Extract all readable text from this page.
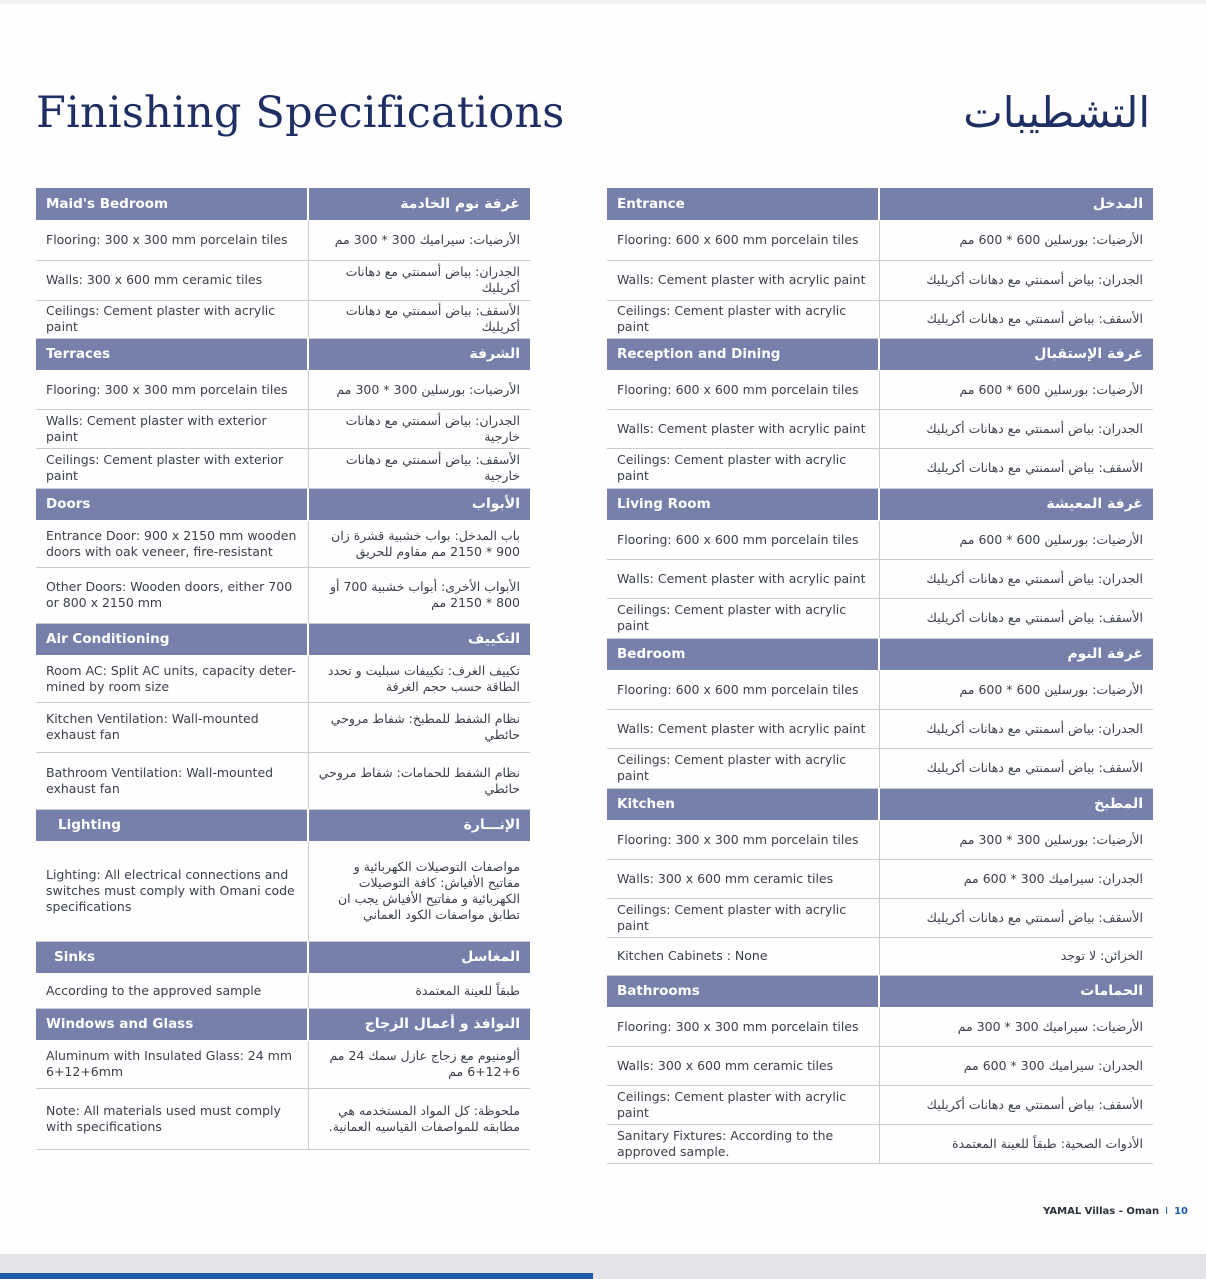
Finishing Specifications	التشطيبات
Maid's Bedroom	غرفة نوم الخادمة
Flooring: 300 x 300 mm porcelain tiles	الأرضيات: سيراميك 300 * 300 مم
Walls: 300 x 600 mm ceramic tiles	الجدران: بياض أسمنتي مع دهانات أكريليك
Ceilings: Cement plaster with acrylic paint	الأسقف: بياض أسمنتي مع دهانات أكريليك
Terraces	الشرفة
Flooring: 300 x 300 mm porcelain tiles	الأرضيات: بورسلين 300 * 300 مم
Walls: Cement plaster with exterior paint	الجدران: بياض أسمنتي مع دهانات خارجية
Ceilings: Cement plaster with exterior paint	الأسقف: بياض أسمنتي مع دهانات خارجية
Doors	الأبواب
Entrance Door: 900 x 2150 mm wooden doors with oak veneer, fire-resistant	باب المدخل: بواب خشبية قشرة زان 900 * 2150 مم مقاوم للحريق
Other Doors: Wooden doors, either 700 or 800 x 2150 mm	الأبواب الأخرى: أبواب خشبية 700 أو 800 * 2150 مم
Air Conditioning	التكييف
Room AC: Split AC units, capacity deter-mined by room size	تكييف الغرف: تكييفات سبليت و تحدد الطاقة حسب حجم الغرفة
Kitchen Ventilation: Wall-mounted exhaust fan	نظام الشفط للمطبخ: شفاط مروحي حائطي
Bathroom Ventilation: Wall-mounted exhaust fan	نظام الشفط للحمامات: شفاط مروحي حائطي
Lighting	الإنـــارة
Lighting: All electrical connections and switches must comply with Omani code specifications	مواصفات التوصيلات الكهربائية و مفاتيح الأفياش: كافة التوصيلات الكهربائية و مفاتيح الأفياش يجب ان تطابق مواصفات الكود العماني
Sinks	المغاسل
According to the approved sample	طبقاً للعينة المعتمدة
Windows and Glass	النوافذ و أعمال الزجاج
Aluminum with Insulated Glass: 24 mm 6+12+6mm	ألومنيوم مع زجاج عازل سمك 24 مم 6+12+6 مم
Note: All materials used must comply with specifications	ملحوظة: كل المواد المستخدمه هي مطابقه للمواصفات القياسيه العمانية.
Entrance	المدخل
Flooring: 600 x 600 mm porcelain tiles	الأرضيات: بورسلين 600 * 600 مم
Walls: Cement plaster with acrylic paint	الجدران: بياض أسمنتي مع دهانات أكريليك
Ceilings: Cement plaster with acrylic paint	الأسقف: بياض أسمنتي مع دهانات أكريليك
Reception and Dining	غرفة الإستقبال
Flooring: 600 x 600 mm porcelain tiles	الأرضيات: بورسلين 600 * 600 مم
Walls: Cement plaster with acrylic paint	الجدران: بياض أسمنتي مع دهانات أكريليك
Ceilings: Cement plaster with acrylic paint	الأسقف: بياض أسمنتي مع دهانات أكريليك
Living Room	غرفة المعيشة
Flooring: 600 x 600 mm porcelain tiles	الأرضيات: بورسلين 600 * 600 مم
Walls: Cement plaster with acrylic paint	الجدران: بياض أسمنتي مع دهانات أكريليك
Ceilings: Cement plaster with acrylic paint	الأسقف: بياض أسمنتي مع دهانات أكريليك
Bedroom	غرفة النوم
Flooring: 600 x 600 mm porcelain tiles	الأرضيات: بورسلين 600 * 600 مم
Walls: Cement plaster with acrylic paint	الجدران: بياض أسمنتي مع دهانات أكريليك
Ceilings: Cement plaster with acrylic paint	الأسقف: بياض أسمنتي مع دهانات أكريليك
Kitchen	المطبخ
Flooring: 300 x 300 mm porcelain tiles	الأرضيات: بورسلين 300 * 300 مم
Walls: 300 x 600 mm ceramic tiles	الجدران: سيراميك 300 * 600 مم
Ceilings: Cement plaster with acrylic paint	الأسقف: بياض أسمنتي مع دهانات أكريليك
Kitchen Cabinets : None	الخزائن: لا توجد
Bathrooms	الحمامات
Flooring: 300 x 300 mm porcelain tiles	الأرضيات: سيراميك 300 * 300 مم
Walls: 300 x 600 mm ceramic tiles	الجدران: سيراميك 300 * 600 مم
Ceilings: Cement plaster with acrylic paint	الأسقف: بياض أسمنتي مع دهانات أكريليك
Sanitary Fixtures: According to the approved sample.	الأدوات الصحية: طبقاً للعينة المعتمدة
YAMAL Villas - Oman I 10
